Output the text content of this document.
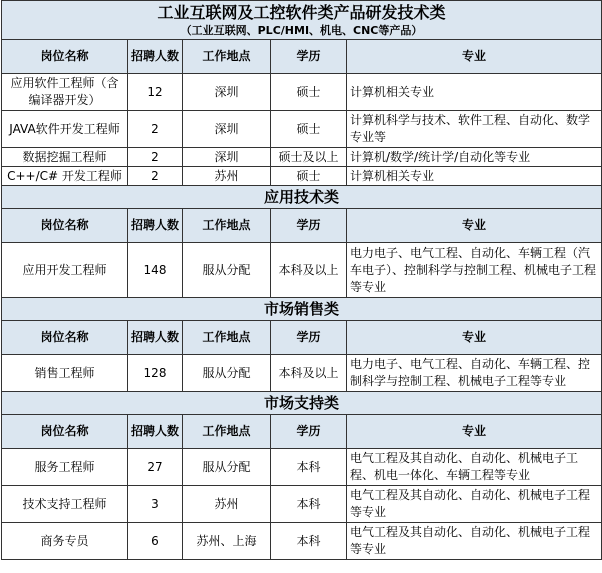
工业互联网及工控软件类产品研发技术类
（工业互联网、PLC/HMI、机电、CNC等产品）				

岗位名称	招聘人数	工作地点	学历	专业
应用软件工程师（含编译器开发）	12	深圳	硕士	计算机相关专业
JAVA软件开发工程师	2	深圳	硕士	计算机科学与技术、软件工程、自动化、数学专业等
数据挖掘工程师	2	深圳	硕士及以上	计算机/数学/统计学/自动化等专业
C++/C# 开发工程师	2	苏州	硕士	计算机相关专业
应用技术类				
岗位名称	招聘人数	工作地点	学历	专业
应用开发工程师	148	服从分配	本科及以上	电力电子、电气工程、自动化、车辆工程（汽车电子）、控制科学与控制工程、机械电子工程等专业
市场销售类				
岗位名称	招聘人数	工作地点	学历	专业
销售工程师	128	服从分配	本科及以上	电力电子、电气工程、自动化、车辆工程、控制科学与控制工程、机械电子工程等专业
市场支持类				
岗位名称	招聘人数	工作地点	学历	专业
服务工程师	27	服从分配	本科	电气工程及其自动化、自动化、机械电子工程、机电一体化、车辆工程等专业
技术支持工程师	3	苏州	本科	电气工程及其自动化、自动化、机械电子工程等专业
商务专员	6	苏州、上海	本科	电气工程及其自动化、自动化、机械电子工程等专业
